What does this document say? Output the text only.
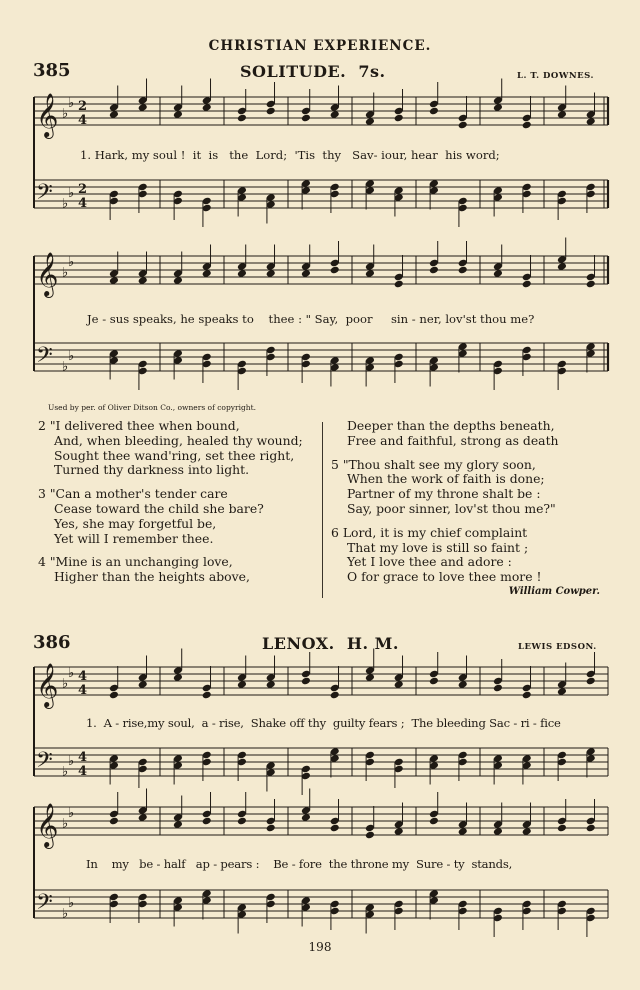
CHRISTIAN EXPERIENCE.
385	SOLITUDE.  7s.	L. T. DOWNES.
𝄞
𝄢
♭
♭
♭
♭
2
4
2
4
𝄞
𝄢
♭
♭
♭
♭
𝄞
𝄢
♭
♭
♭
♭
4
4
4
4
𝄞
𝄢
♭
♭
♭
♭
1. Hark, my soul !  it  is   the  Lord;  'Tis  thy   Sav- iour, hear  his word;
Je - sus speaks, he speaks to    thee : " Say,  poor     sin - ner, lov'st thou me?
Used by per. of Oliver Ditson Co., owners of copyright.
2 "I delivered thee when bound,
And, when bleeding, healed thy wound;
Sought thee wand'ring, set thee right,
Turned thy darkness into light.
3 "Can a mother's tender care
Cease toward the child she bare?
Yes, she may forgetful be,
Yet will I remember thee.
4 "Mine is an unchanging love,
Higher than the heights above,
Deeper than the depths beneath,
Free and faithful, strong as death
5 "Thou shalt see my glory soon,
When the work of faith is done;
Partner of my throne shalt be :
Say, poor sinner, lov'st thou me?"
6 Lord, it is my chief complaint
That my love is still so faint ;
Yet I love thee and adore :
O for grace to love thee more !
William Cowper.
386	LENOX.  H. M.	LEWIS EDSON.
1.  A - rise,my soul,  a - rise,  Shake off thy  guilty fears ;  The bleeding Sac - ri - fice
In    my   be - half   ap - pears :    Be - fore  the throne my  Sure - ty  stands,
198
